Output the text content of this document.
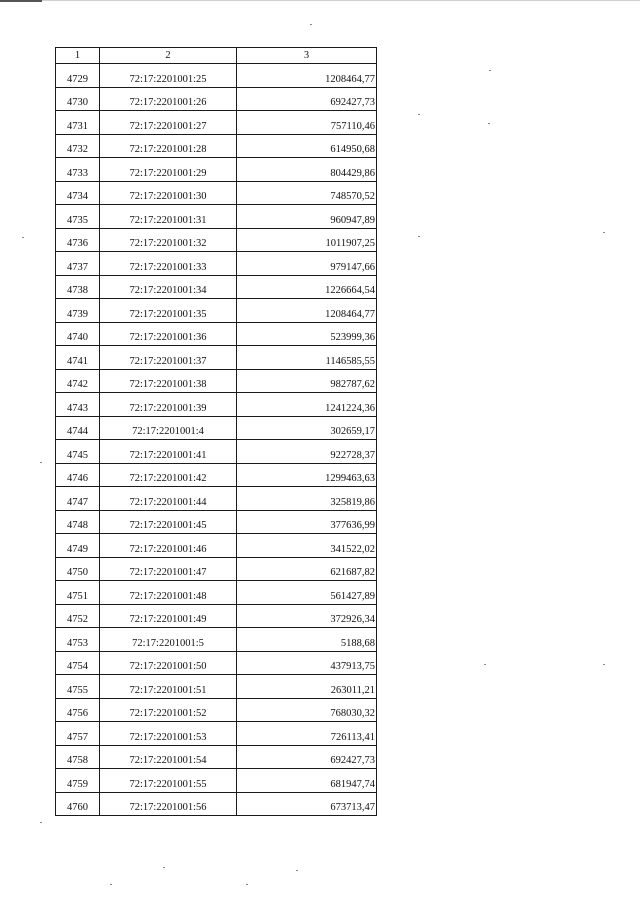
1	2	3
4729	72:17:2201001:25	1208464,77
4730	72:17:2201001:26	692427,73
4731	72:17:2201001:27	757110,46
4732	72:17:2201001:28	614950,68
4733	72:17:2201001:29	804429,86
4734	72:17:2201001:30	748570,52
4735	72:17:2201001:31	960947,89
4736	72:17:2201001:32	1011907,25
4737	72:17:2201001:33	979147,66
4738	72:17:2201001:34	1226664,54
4739	72:17:2201001:35	1208464,77
4740	72:17:2201001:36	523999,36
4741	72:17:2201001:37	1146585,55
4742	72:17:2201001:38	982787,62
4743	72:17:2201001:39	1241224,36
4744	72:17:2201001:4	302659,17
4745	72:17:2201001:41	922728,37
4746	72:17:2201001:42	1299463,63
4747	72:17:2201001:44	325819,86
4748	72:17:2201001:45	377636,99
4749	72:17:2201001:46	341522,02
4750	72:17:2201001:47	621687,82
4751	72:17:2201001:48	561427,89
4752	72:17:2201001:49	372926,34
4753	72:17:2201001:5	5188,68
4754	72:17:2201001:50	437913,75
4755	72:17:2201001:51	263011,21
4756	72:17:2201001:52	768030,32
4757	72:17:2201001:53	726113,41
4758	72:17:2201001:54	692427,73
4759	72:17:2201001:55	681947,74
4760	72:17:2201001:56	673713,47
